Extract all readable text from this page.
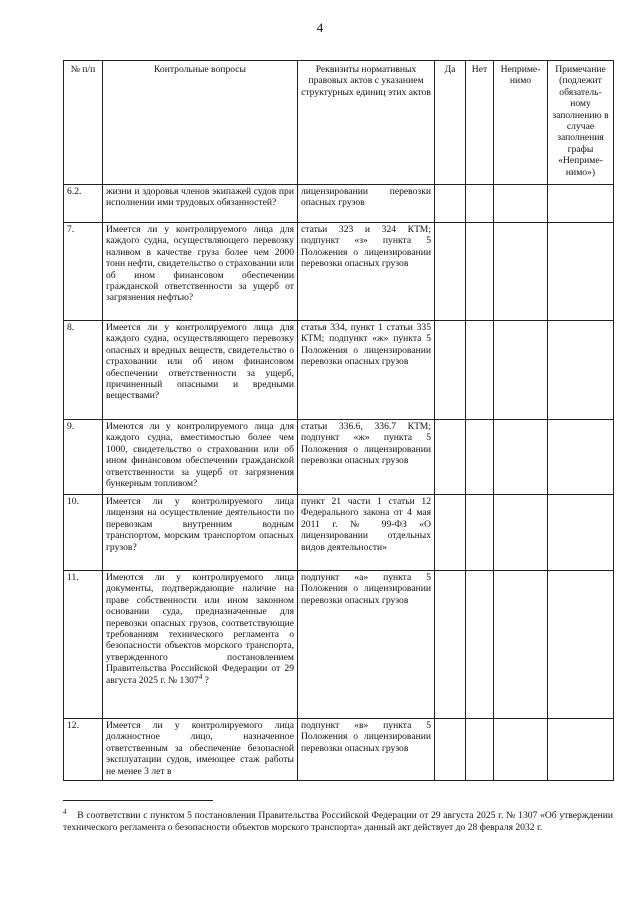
4
№ п/п	Контрольные вопросы	Реквизиты нормативных правовых актов с указанием структурных единиц этих актов	Да	Нет	Неприме-нимо	Примечание (подлежит обязатель-ному заполнению в случае заполнения графы «Неприме-нимо»)
6.2.	жизни и здоровья членов экипажей судов при исполнении ими трудовых обязанностей?	лицензировании перевозки опасных грузов				
7.	Имеется ли у контролируемого лица для каждого судна, осуществляющего перевозку наливом в качестве груза более чем 2000 тонн нефти, свидетельство о страховании или об ином финансовом обеспечении гражданской ответственности за ущерб от загрязнения нефтью?	статьи 323 и 324 КТМ; подпункт «з» пункта 5 Положения о лицензировании перевозки опасных грузов				
8.	Имеется ли у контролируемого лица для каждого судна, осуществляющего перевозку опасных и вредных веществ, свидетельство о страховании или об ином финансовом обеспечении ответственности за ущерб, причиненный опасными и вредными веществами?	статья 334, пункт 1 статьи 335 КТМ; подпункт «ж» пункта 5 Положения о лицензировании перевозки опасных грузов				
9.	Имеются ли у контролируемого лица для каждого судна, вместимостью более чем 1000, свидетельство о страховании или об ином финансовом обеспечении гражданской ответственности за ущерб от загрязнения бункерным топливом?	статьи 336.6, 336.7 КТМ; подпункт «ж» пункта 5 Положения о лицензировании перевозки опасных грузов				
10.	Имеется ли у контролируемого лица лицензия на осуществление деятельности по перевозкам внутренним водным транспортом, морским транспортом опасных грузов?	пункт 21 части 1 статьи 12 Федерального закона от 4 мая 2011 г. № 99-ФЗ «О лицензировании отдельных видов деятельности»				
11.	Имеются ли у контролируемого лица документы, подтверждающие наличие на праве собственности или ином законном основании суда, предназначенные для перевозки опасных грузов, соответствующие требованиям технического регламента о безопасности объектов морского транспорта, утвержденного постановлением Правительства Российской Федерации от 29 августа 2025 г. № 1307$^4$ ?	подпункт «а» пункта 5 Положения о лицензировании перевозки опасных грузов				
12.	Имеется ли у контролируемого лица должностное лицо, назначенное ответственным за обеспечение безопасной эксплуатации судов, имеющее стаж работы не менее 3 лет в	подпункт «в» пункта 5 Положения о лицензировании перевозки опасных грузов				
$^4$ В соответствии с пунктом 5 постановления Правительства Российской Федерации от 29 августа 2025 г. № 1307 «Об утверждении технического регламента о безопасности объектов морского транспорта» данный акт действует до 28 февраля 2032 г.
